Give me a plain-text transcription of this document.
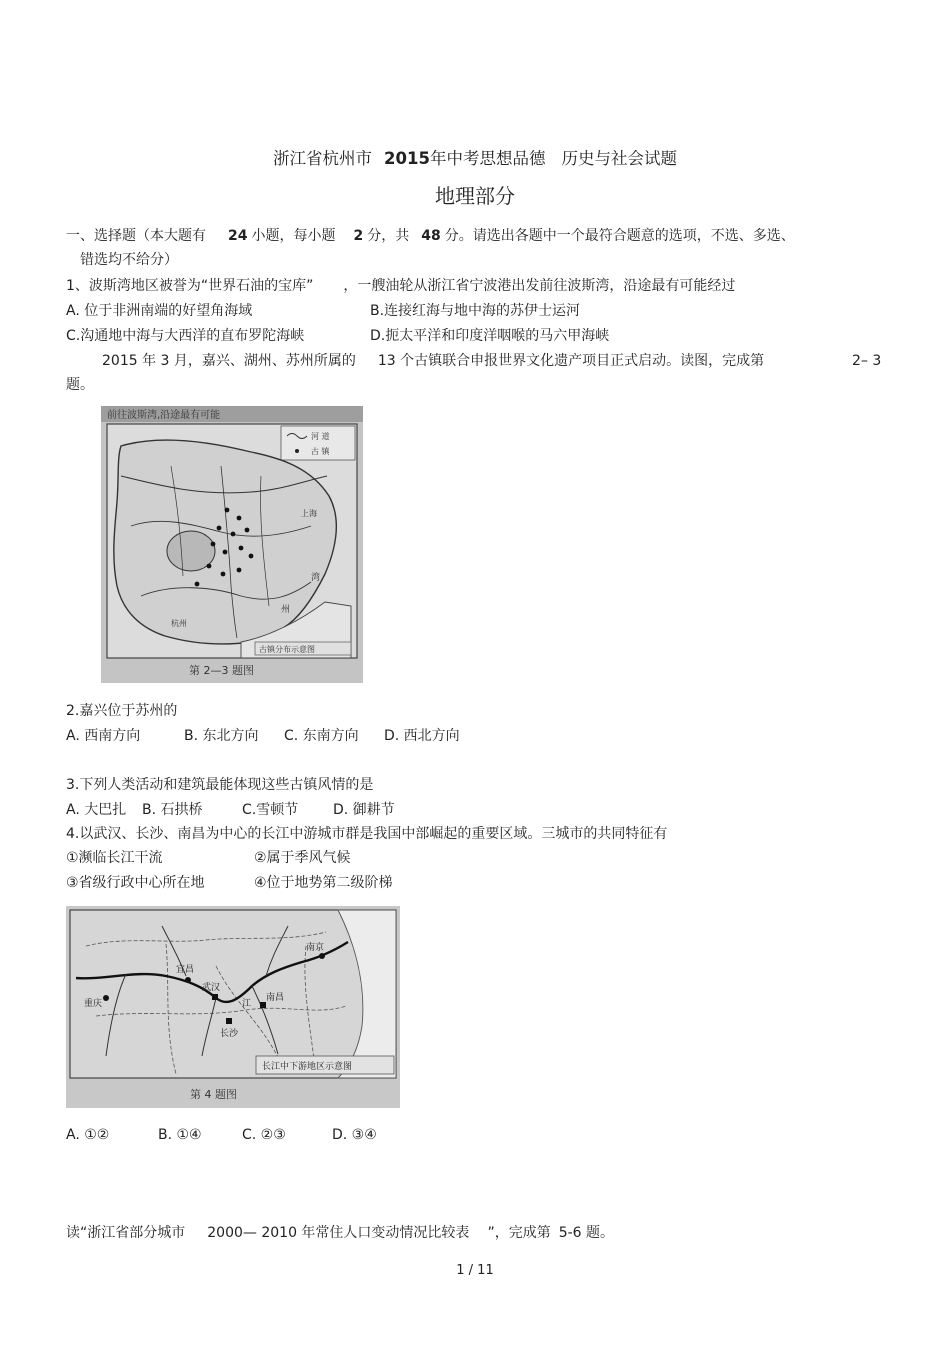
浙江省杭州市 2015年中考思想品德 历史与社会试题
地理部分
一、选择题（本大题有 24 小题，每小题 2 分，共 48 分。请选出各题中一个最符合题意的选项，不选、多选、
错选均不给分）
1、波斯湾地区被誉为“世界石油的宝库” ，一艘油轮从浙江省宁波港出发前往波斯湾，沿途最有可能经过
A. 位于非洲南端的好望角海域	B.连接红海与地中海的苏伊士运河
C.沟通地中海与大西洋的直布罗陀海峡	D.扼太平洋和印度洋咽喉的马六甲海峡
2015 年 3 月，嘉兴、湖州、苏州所属的 13 个古镇联合申报世界文化遗产项目正式启动。读图，完成第	2– 3
题。
前往波斯湾,沿途最有可能
河 道
古 镇
上海
杭州
州
湾
古镇分布示意图
第 2—3 题图
2.嘉兴位于苏州的
A. 西南方向	B. 东北方向 C. 东南方向 D. 西北方向
3.下列人类活动和建筑最能体现这些古镇风情的是
A. 大巴扎 B. 石拱桥	C.雪顿节 D. 御耕节
4.以武汉、长沙、南昌为中心的长江中游城市群是我国中部崛起的重要区域。三城市的共同特征有
①濒临长江干流	②属于季风气候
③省级行政中心所在地	④位于地势第二级阶梯
武汉
南昌
长沙
宜昌
重庆	江
南京
长江中下游地区示意图
第 4 题图
A. ①②	B. ①④	C. ②③	D. ③④
读“浙江省部分城市 2000— 2010 年常住人口变动情况比较表 ”，完成第 5-6 题。
1 / 11
